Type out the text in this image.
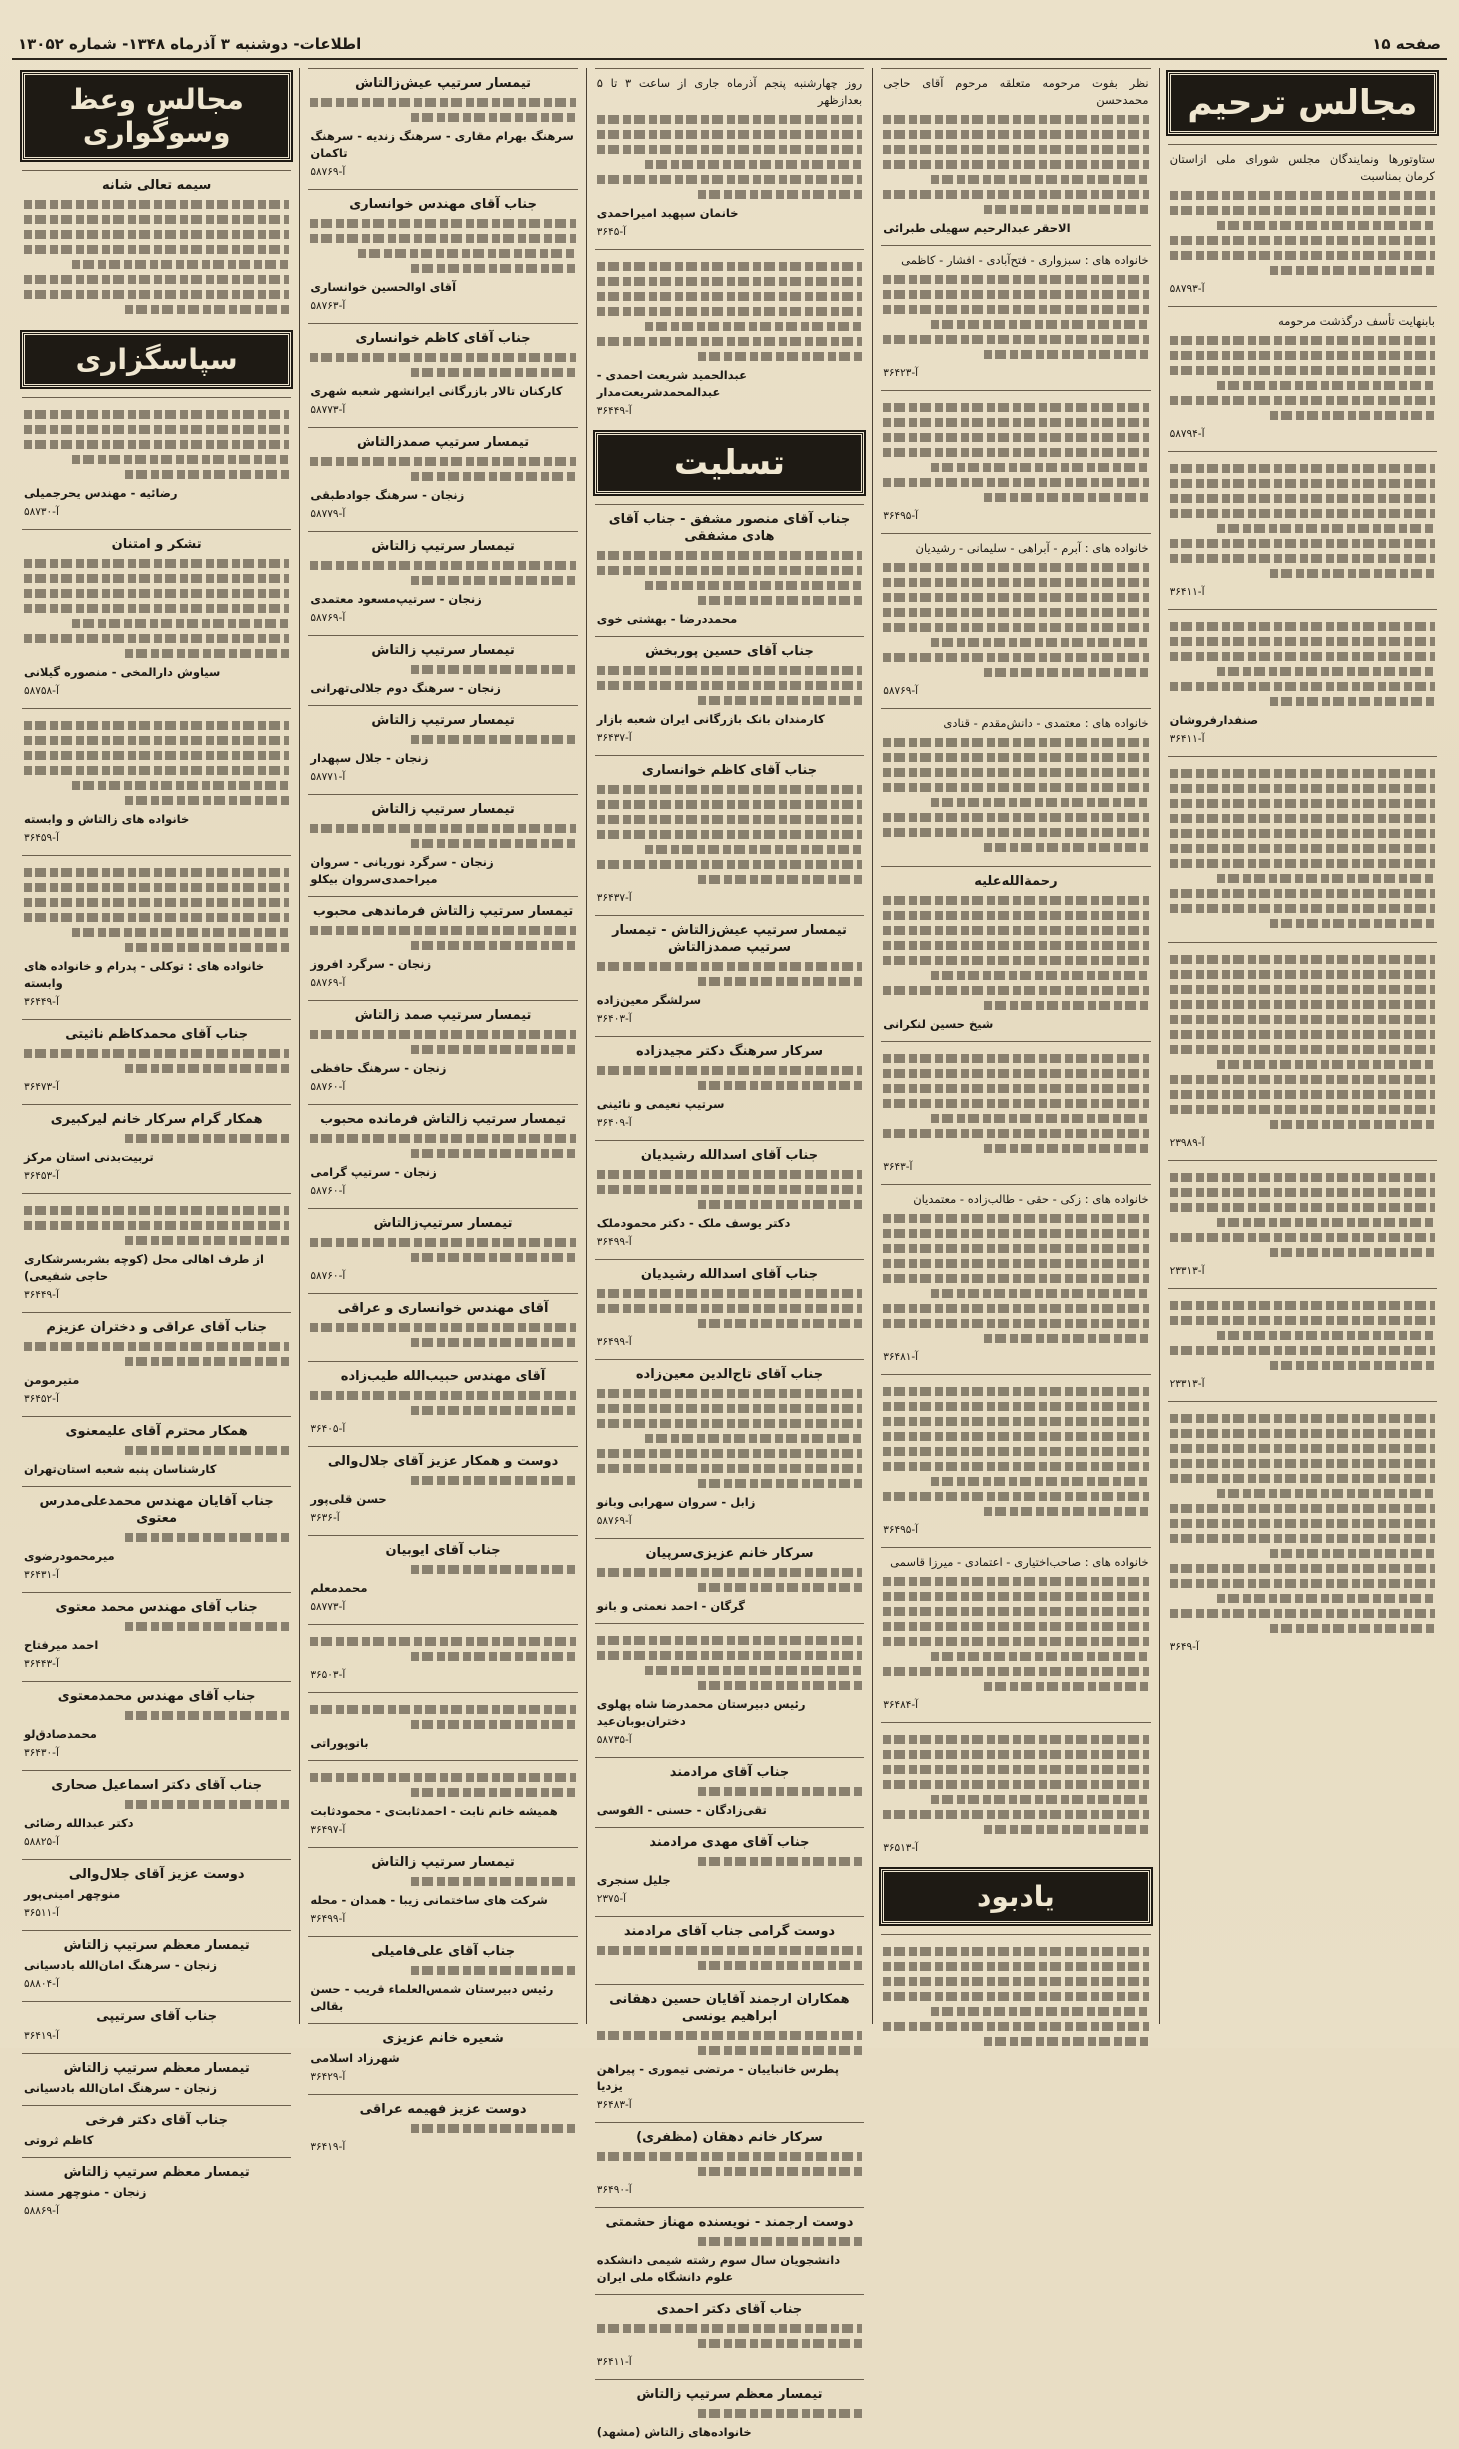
صفحه ۱۵
اطلاعات- دوشنبه ۳ آذرماه ۱۳۴۸- شماره ۱۳۰۵۲
مجالس ترحیم
ستاوتورها ونمایندگان مجلس شورای ملی ازاستان کرمان بمناسبت
آ-۵۸۷۹۳
بابنهایت تأسف درگذشت مرحومه
آ-۵۸۷۹۴
آ-۳۶۴۱۱
صنفدارفروشان
آ-۳۶۴۱۱
آ-۲۳۹۸۹
آ-۲۳۳۱۳
آ-۲۳۳۱۳
آ-۳۶۴۹
نظر بفوت مرحومه متعلقه مرحوم آقای حاجی محمدحسن
الاحقر عبدالرحیم سهیلی طبرائی
خانواده های : سبزواری - فتح‌آبادی - افشار - کاظمی
آ-۳۶۴۲۳
آ-۳۶۴۹۵
خانواده های : آبرم - آبراهی - سلیمانی - رشیدیان
آ-۵۸۷۶۹
خانواده های : معتمدی - دانش‌مقدم - قنادی
رحمة‌الله‌علیه
شیخ حسین لنکرانی
آ-۳۶۴۳
خانواده های : زکی - حقی - طالب‌زاده - معتمدیان
آ-۳۶۴۸۱
آ-۳۶۴۹۵
خانواده های : صاحب‌اختیاری - اعتمادی - میرزا قاسمی
آ-۳۶۴۸۴
آ-۳۶۵۱۳
یادبود
روز چهارشنبه پنجم آذرماه جاری از ساعت ۳ تا ۵ بعدازظهر
خانمان سپهبد امیراحمدی
آ-۳۶۴۵
عبدالحمید شریعت احمدی - عبدالمحمدشریعت‌مدار
آ-۳۶۴۴۹
تسلیت
جناب آقای منصور مشفق - جناب آقای هادی مشفقی
محمددرضا - بهشتی خوی
جناب آقای حسین پوربخش
کارمندان بانک بازرگانی ایران شعبه بازار
آ-۳۶۴۳۷
جناب آقای کاظم خوانساری
آ-۳۶۴۳۷
تیمسار سرتیپ عیش‌زالتاش - تیمسار سرتیپ صمدزالتاش
سرلشگر معین‌زاده
آ-۳۶۴۰۳
سرکار سرهنگ دکتر مجیدزاده
سرتیپ نعیمی و نائینی
آ-۳۶۴۰۹
جناب آقای اسدالله رشیدیان
دکتر یوسف ملک - دکتر محمودملک
آ-۳۶۴۹۹
جناب آقای اسدالله رشیدیان
آ-۳۶۴۹۹
جناب آقای تاج‌الدین معین‌زاده
زابل - سروان سهرابی وبانو
آ-۵۸۷۶۹
سرکار خانم عزیزی‌سرپیان
گرگان - احمد نعمتی و بانو
رئیس دبیرستان محمدرضا شاه پهلوی دختران‌بوبان‌عید
آ-۵۸۷۳۵
جناب آقای مرادمند
تقی‌زادگان - حسنی - الفوسی
جناب آقای مهدی مرادمند
جلیل سنجری
آ-۲۳۷۵
دوست گرامی جناب آقای مرادمند
همکاران ارجمند آقایان حسین دهقانی ابراهیم یونسی
پطرس خانباییان - مرتضی تیموری - پیراهن یزدیا
آ-۳۶۴۸۳
سرکار خانم دهقان (مظفری)
آ-۳۶۴۹۰
دوست ارجمند - نویسنده مهناز حشمتی
دانشجویان سال سوم رشته شیمی دانشکده علوم دانشگاه ملی ایران
جناب آقای دکتر احمدی
آ-۳۶۴۱۱
تیمسار معظم سرتیپ زالتاش
خانواده‌های زالتاش (مشهد)
تیمسار سرتیپ عیش‌زالتاش
سرهنگ بهرام مقاری - سرهنگ زندیه - سرهنگ تاکمان
آ-۵۸۷۶۹
جناب آقای مهندس خوانساری
آقای اوالحسین خوانساری
آ-۵۸۷۶۳
جناب آقای کاظم خوانساری
کارکنان تالار بازرگانی ایرانشهر شعبه شهری
آ-۵۸۷۷۳
تیمسار سرتیپ صمدزالتاش
زنجان - سرهنگ جوادطبقی
آ-۵۸۷۷۹
تیمسار سرتیپ زالتاش
زنجان - سرتیپ‌مسعود معتمدی
آ-۵۸۷۶۹
تیمسار سرتیپ زالتاش
زنجان - سرهنگ دوم جلالی‌تهرانی
تیمسار سرتیپ زالتاش
زنجان - جلال سپهدار
آ-۵۸۷۷۱
تیمسار سرتیپ زالتاش
زنجان - سرگرد نوریانی - سروان میراحمدی‌سروان بیکلو
تیمسار سرتیپ زالتاش فرماندهی محبوب
زنجان - سرگرد افروز
آ-۵۸۷۶۹
تیمسار سرتیپ صمد زالتاش
زنجان - سرهنگ حافظی
آ-۵۸۷۶۰
تیمسار سرتیپ زالتاش فرمانده محبوب
زنجان - سرتیپ گرامی
آ-۵۸۷۶۰
تیمسار سرتیپ‌زالتاش
آ-۵۸۷۶۰
آقای مهندس خوانساری و عراقی
آقای مهندس حبیب‌الله طیب‌زاده
آ-۳۶۴۰۵
دوست و همکار عزیز آقای جلال‌والی
حسن قلی‌پور
آ-۳۶۳۶
جناب آقای ایوبیان
محمدمعلم
آ-۵۸۷۷۳
آ-۳۶۵۰۳
باتوپوراتی
همیشه خانم نابت - احمدثابت‌ی - محمودثابت
آ-۳۶۴۹۷
تیمسار سرتیپ زالتاش
شرکت های ساختمانی زیبا - همدان - محله
آ-۳۶۴۹۹
جناب آقای علی‌فامیلی
رئیس دبیرستان شمس‌العلماء قریب - حسن بقالی
شعیره خانم عزیزی
شهرزاد اسلامی
آ-۳۶۴۲۹
دوست عزیز فهیمه عراقی
آ-۳۶۴۱۹
مجالس وعظ وسوگواری
سیمه تعالی شانه
سپاسگزاری
رضائیه - مهندس یحرجمیلی
آ-۵۸۷۳۰
تشکر و امتنان
سیاوش دارالمخی - منصوره گیلانی
آ-۵۸۷۵۸
خانواده های زالتاش و وابسته
آ-۳۶۴۵۹
خانواده های : توکلی - پدرام و خانواده های وابسته
آ-۳۶۴۴۹
جناب آقای محمدکاظم ناثیتی
آ-۳۶۴۷۳
همکار گرام سرکار خانم لیرکبیری
تربیت‌بدنی استان مرکز
آ-۳۶۴۵۳
از طرف اهالی محل (کوچه بشربسرشکاری حاجی شفیعی)
آ-۳۶۴۴۹
جناب آقای عراقی و دختران عزیزم
متیرمومن
آ-۳۶۴۵۲
همکار محترم آقای علیمعنوی
کارشناسان پنبه شعبه استان‌تهران
جناب آقایان مهندس محمدعلی‌مدرس معتوی
میرمحمودرضوی
آ-۳۶۴۳۱
جناب آقای مهندس محمد معتوی
احمد میرفتاح
آ-۳۶۴۴۳
جناب آقای مهندس محمدمعتوی
محمدصادق‌لو
آ-۳۶۴۳۰
جناب آقای دکتر اسماعیل صحاری
دکتر عبدالله رضائی
آ-۵۸۸۲۵
دوست عزیز آقای جلال‌والی
منوچهر امینی‌پور
آ-۳۶۵۱۱
تیمسار معظم سرتیپ زالتاش
زنجان - سرهنگ امان‌الله بادسیانی
آ-۵۸۸۰۴
جناب آقای سرتیپی
آ-۳۶۴۱۹
تیمسار معظم سرتیپ زالتاش
زنجان - سرهنگ امان‌الله بادسیانی
جناب آقای دکتر فرخی
کاظم ثروتی
تیمسار معظم سرتیپ زالتاش
زنجان - منوچهر مسند
آ-۵۸۸۶۹
